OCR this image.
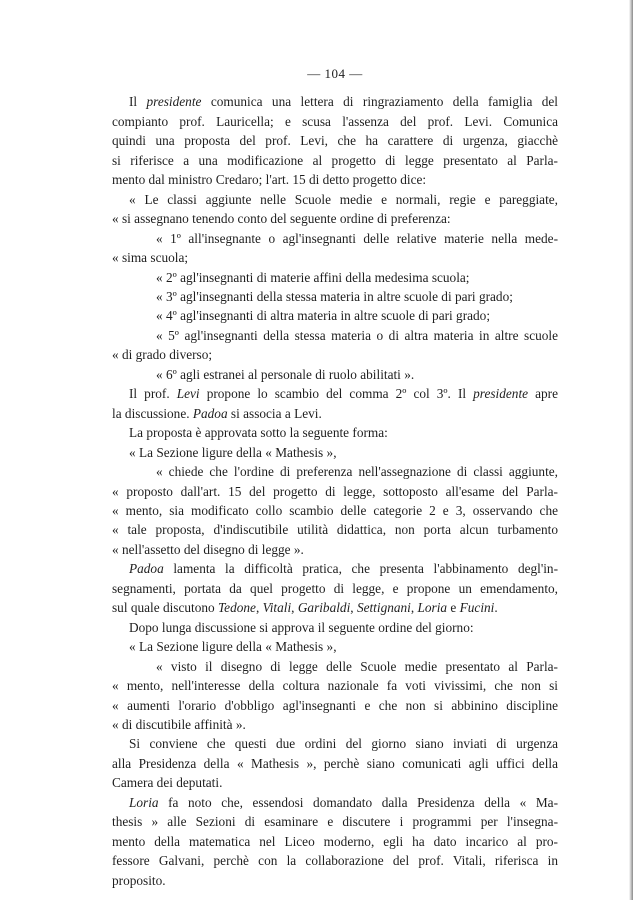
— 104 —

Il presidente comunica una lettera di ringraziamento della famiglia del
compianto prof. Lauricella; e scusa l'assenza del prof. Levi. Comunica
quindi una proposta del prof. Levi, che ha carattere di urgenza, giacchè
si riferisce a una modificazione al progetto di legge presentato al Parla-
mento dal ministro Credaro; l'art. 15 di detto progetto dice:

« Le classi aggiunte nelle Scuole medie e normali, regie e pareggiate,
« si assegnano tenendo conto del seguente ordine di preferenza:

« 1º all'insegnante o agl'insegnanti delle relative materie nella mede-
« sima scuola;

« 2º agl'insegnanti di materie affini della medesima scuola;

« 3º agl'insegnanti della stessa materia in altre scuole di pari grado;

« 4º agl'insegnanti di altra materia in altre scuole di pari grado;

« 5º agl'insegnanti della stessa materia o di altra materia in altre scuole
« di grado diverso;

« 6º agli estranei al personale di ruolo abilitati ».

Il prof. Levi propone lo scambio del comma 2º col 3º. Il presidente apre
la discussione. Padoa si associa a Levi.

La proposta è approvata sotto la seguente forma:

« La Sezione ligure della « Mathesis »,

« chiede che l'ordine di preferenza nell'assegnazione di classi aggiunte,
« proposto dall'art. 15 del progetto di legge, sottoposto all'esame del Parla-
« mento, sia modificato collo scambio delle categorie 2 e 3, osservando che
« tale proposta, d'indiscutibile utilità didattica, non porta alcun turbamento
« nell'assetto del disegno di legge ».

Padoa lamenta la difficoltà pratica, che presenta l'abbinamento degl'in-
segnamenti, portata da quel progetto di legge, e propone un emendamento,
sul quale discutono Tedone, Vitali, Garibaldi, Settignani, Loria e Fucini.

Dopo lunga discussione si approva il seguente ordine del giorno:

« La Sezione ligure della « Mathesis »,

« visto il disegno di legge delle Scuole medie presentato al Parla-
« mento, nell'interesse della coltura nazionale fa voti vivissimi, che non si
« aumenti l'orario d'obbligo agl'insegnanti e che non si abbinino discipline
« di discutibile affinità ».

Si conviene che questi due ordini del giorno siano inviati di urgenza
alla Presidenza della « Mathesis », perchè siano comunicati agli uffici della
Camera dei deputati.

Loria fa noto che, essendosi domandato dalla Presidenza della « Ma-
thesis » alle Sezioni di esaminare e discutere i programmi per l'insegna-
mento della matematica nel Liceo moderno, egli ha dato incarico al pro-
fessore Galvani, perchè con la collaborazione del prof. Vitali, riferisca in
proposito.
